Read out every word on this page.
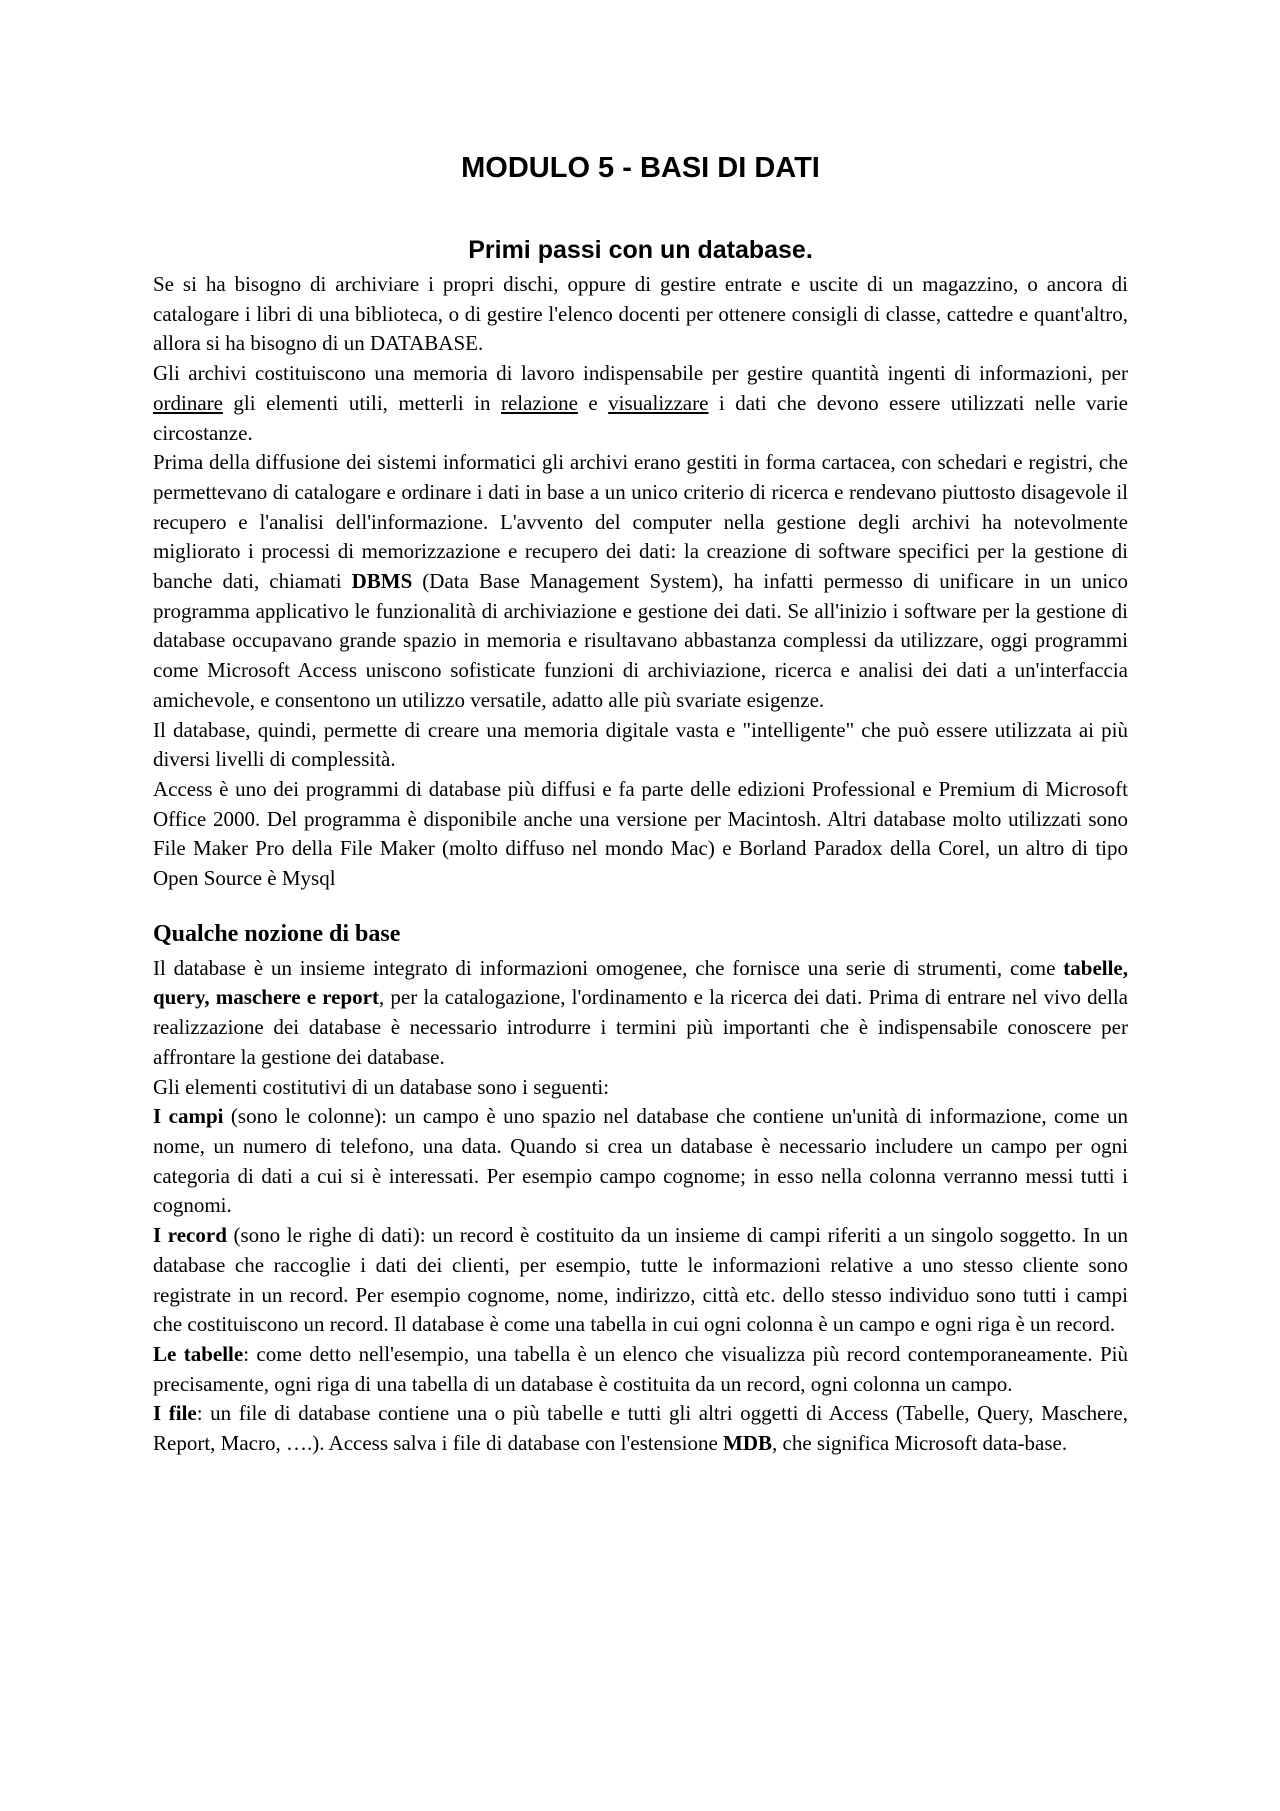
MODULO 5 - BASI DI DATI
Primi passi con un database.

Se si ha bisogno di archiviare i propri dischi, oppure di gestire entrate e uscite di un magazzino, o ancora di catalogare i libri di una biblioteca, o di gestire l'elenco docenti per ottenere consigli di classe, cattedre e quant'altro, allora si ha bisogno di un DATABASE.

Gli archivi costituiscono una memoria di lavoro indispensabile per gestire quantità ingenti di informazioni, per ordinare gli elementi utili, metterli in relazione e visualizzare i dati che devono essere utilizzati nelle varie circostanze.

Prima della diffusione dei sistemi informatici gli archivi erano gestiti in forma cartacea, con schedari e registri, che permettevano di catalogare e ordinare i dati in base a un unico criterio di ricerca e rendevano piuttosto disagevole il recupero e l'analisi dell'informazione. L'avvento del computer nella gestione degli archivi ha notevolmente migliorato i processi di memorizzazione e recupero dei dati: la creazione di software specifici per la gestione di banche dati, chiamati DBMS (Data Base Management System), ha infatti permesso di unificare in un unico programma applicativo le funzionalità di archiviazione e gestione dei dati. Se all'inizio i software per la gestione di database occupavano grande spazio in memoria e risultavano abbastanza complessi da utilizzare, oggi programmi come Microsoft Access uniscono sofisticate funzioni di archiviazione, ricerca e analisi dei dati a un'interfaccia amichevole, e consentono un utilizzo versatile, adatto alle più svariate esigenze.

Il database, quindi, permette di creare una memoria digitale vasta e "intelligente" che può essere utilizzata ai più diversi livelli di complessità.

Access è uno dei programmi di database più diffusi e fa parte delle edizioni Professional e Premium di Microsoft Office 2000. Del programma è disponibile anche una versione per Macintosh. Altri database molto utilizzati sono File Maker Pro della File Maker (molto diffuso nel mondo Mac) e Borland Paradox della Corel, un altro di tipo Open Source è Mysql

Qualche nozione di base

Il database è un insieme integrato di informazioni omogenee, che fornisce una serie di strumenti, come tabelle, query, maschere e report, per la catalogazione, l'ordinamento e la ricerca dei dati. Prima di entrare nel vivo della realizzazione dei database è necessario introdurre i termini più importanti che è indispensabile conoscere per affrontare la gestione dei database.

Gli elementi costitutivi di un database sono i seguenti:

I campi (sono le colonne): un campo è uno spazio nel database che contiene un'unità di informazione, come un nome, un numero di telefono, una data. Quando si crea un database è necessario includere un campo per ogni categoria di dati a cui si è interessati. Per esempio campo cognome; in esso nella colonna verranno messi tutti i cognomi.

I record (sono le righe di dati): un record è costituito da un insieme di campi riferiti a un singolo soggetto. In un database che raccoglie i dati dei clienti, per esempio, tutte le informazioni relative a uno stesso cliente sono registrate in un record. Per esempio cognome, nome, indirizzo, città etc. dello stesso individuo sono tutti i campi che costituiscono un record. Il database è come una tabella in cui ogni colonna è un campo e ogni riga è un record.

Le tabelle: come detto nell'esempio, una tabella è un elenco che visualizza più record contemporaneamente. Più precisamente, ogni riga di una tabella di un database è costituita da un record, ogni colonna un campo.

I file: un file di database contiene una o più tabelle e tutti gli altri oggetti di Access (Tabelle, Query, Maschere, Report, Macro, ….). Access salva i file di database con l'estensione MDB, che significa Microsoft data-base.
